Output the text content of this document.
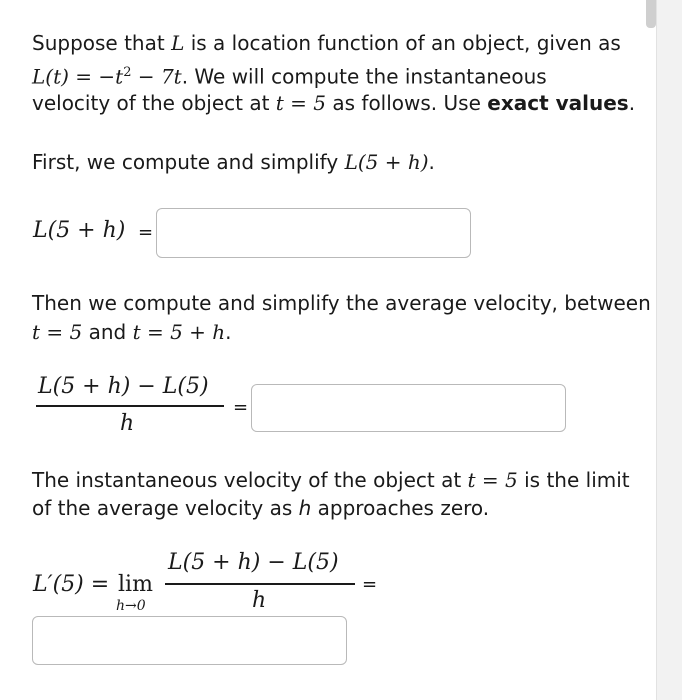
Suppose that L is a location function of an object, given as
$L(t) = -t^2 - 7t$. We will compute the instantaneous
velocity of the object at t = 5 as follows. Use exact values.
First, we compute and simplify L(5 + h).
L(5 + h) =
Then we compute and simplify the average velocity, between
t = 5 and t = 5 + h.
L(5 + h) − L(5)
h
=
The instantaneous velocity of the object at t = 5 is the limit
of the average velocity as h approaches zero.
L′(5) = lim
h→0
L(5 + h) − L(5)
h
=
